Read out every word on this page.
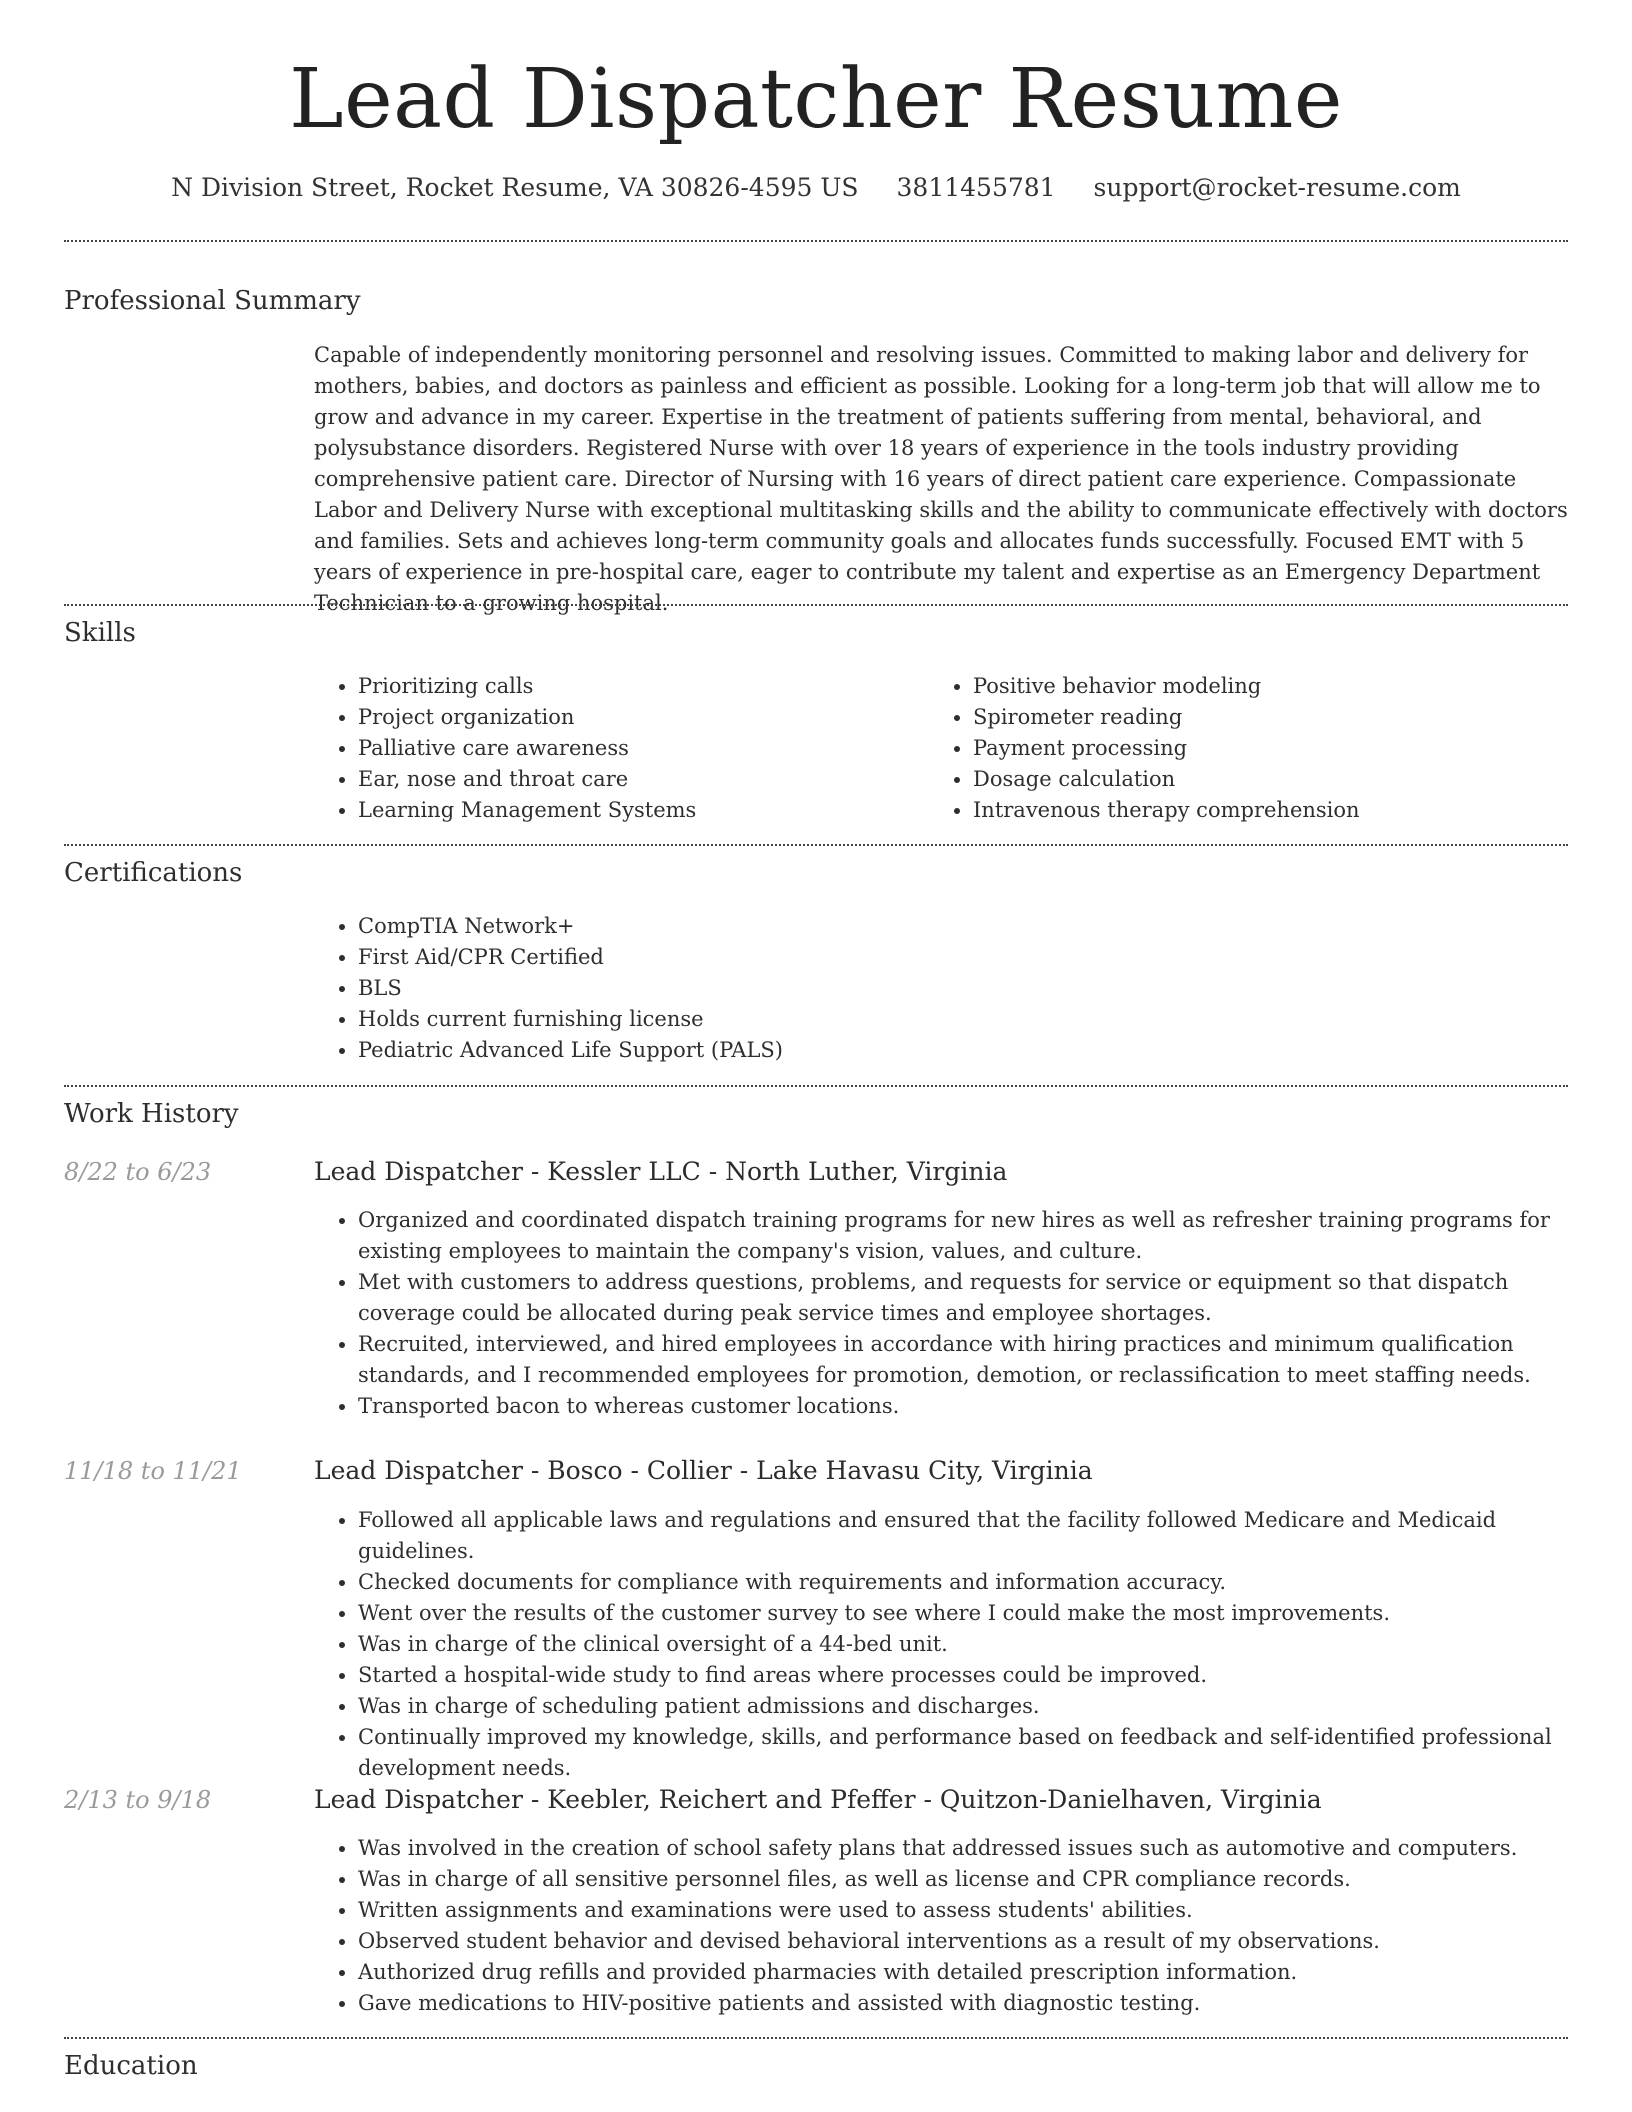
Lead Dispatcher Resume
N Division Street, Rocket Resume, VA 30826-4595 US 3811455781 support@rocket-resume.com
Professional Summary

Capable of independently monitoring personnel and resolving issues. Committed to making labor and delivery for mothers, babies, and doctors as painless and efficient as possible. Looking for a long-term job that will allow me to grow and advance in my career. Expertise in the treatment of patients suffering from mental, behavioral, and polysubstance disorders. Registered Nurse with over 18 years of experience in the tools industry providing comprehensive patient care. Director of Nursing with 16 years of direct patient care experience. Compassionate Labor and Delivery Nurse with exceptional multitasking skills and the ability to communicate effectively with doctors and families. Sets and achieves long-term community goals and allocates funds successfully. Focused EMT with 5 years of experience in pre-hospital care, eager to contribute my talent and expertise as an Emergency Department Technician to a growing hospital.

Skills
• Prioritizing calls
• Project organization
• Palliative care awareness
• Ear, nose and throat care
• Learning Management Systems
• Positive behavior modeling
• Spirometer reading
• Payment processing
• Dosage calculation
• Intravenous therapy comprehension
Certifications
• CompTIA Network+
• First Aid/CPR Certified
• BLS
• Holds current furnishing license
• Pediatric Advanced Life Support (PALS)
Work History
8/22 to 6/23	Lead Dispatcher - Kessler LLC - North Luther, Virginia
• Organized and coordinated dispatch training programs for new hires as well as refresher training programs for existing employees to maintain the company's vision, values, and culture.
• Met with customers to address questions, problems, and requests for service or equipment so that dispatch coverage could be allocated during peak service times and employee shortages.
• Recruited, interviewed, and hired employees in accordance with hiring practices and minimum qualification standards, and I recommended employees for promotion, demotion, or reclassification to meet staffing needs.
• Transported bacon to whereas customer locations.
11/18 to 11/21	Lead Dispatcher - Bosco - Collier - Lake Havasu City, Virginia
• Followed all applicable laws and regulations and ensured that the facility followed Medicare and Medicaid guidelines.
• Checked documents for compliance with requirements and information accuracy.
• Went over the results of the customer survey to see where I could make the most improvements.
• Was in charge of the clinical oversight of a 44-bed unit.
• Started a hospital-wide study to find areas where processes could be improved.
• Was in charge of scheduling patient admissions and discharges.
• Continually improved my knowledge, skills, and performance based on feedback and self-identified professional development needs.
2/13 to 9/18	Lead Dispatcher - Keebler, Reichert and Pfeffer - Quitzon-Danielhaven, Virginia
• Was involved in the creation of school safety plans that addressed issues such as automotive and computers.
• Was in charge of all sensitive personnel files, as well as license and CPR compliance records.
• Written assignments and examinations were used to assess students' abilities.
• Observed student behavior and devised behavioral interventions as a result of my observations.
• Authorized drug refills and provided pharmacies with detailed prescription information.
• Gave medications to HIV-positive patients and assisted with diagnostic testing.
Education
